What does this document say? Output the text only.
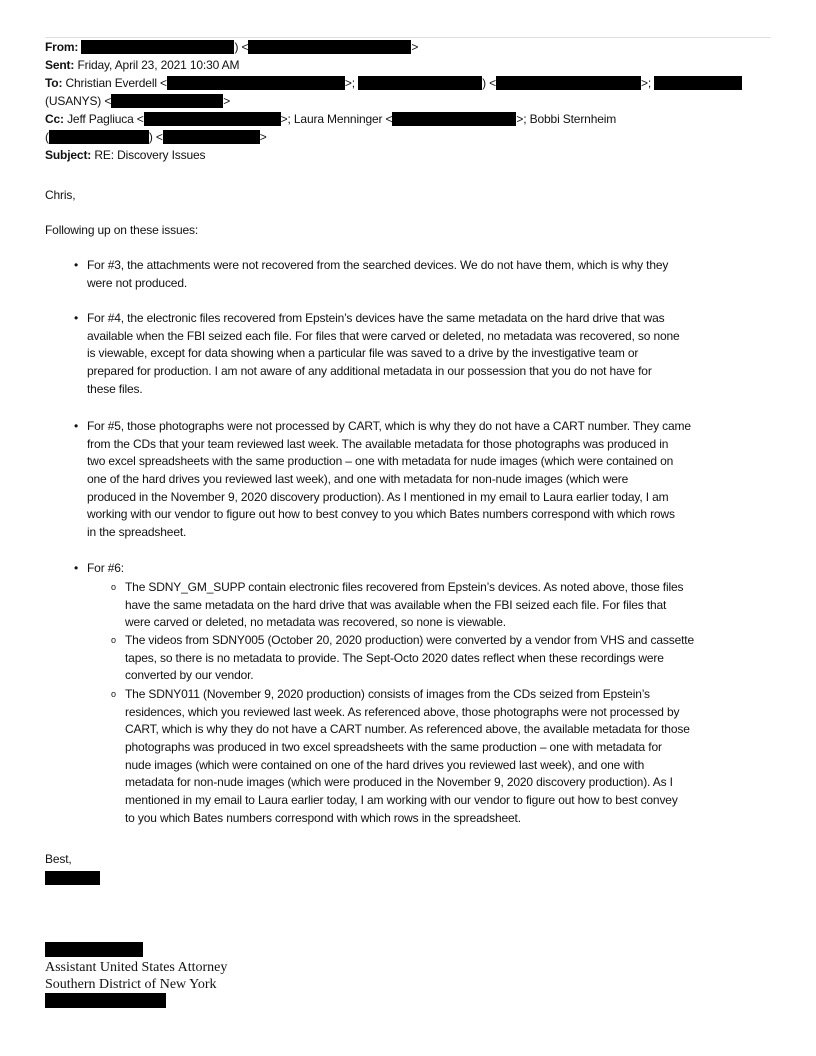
From:	) <	>
Sent: Friday, April 23, 2021 10:30 AM
To: Christian Everdell <	>;	) <	>;
(USANYS) <	>
Cc: Jeff Pagliuca <	>; Laura Menninger <	>; Bobbi Sternheim
(	) <	>
Subject: RE: Discovery Issues
Chris,
Following up on these issues:
• For #3, the attachments were not recovered from the searched devices. We do not have them, which is why they
were not produced.
• For #4, the electronic files recovered from Epstein’s devices have the same metadata on the hard drive that was
available when the FBI seized each file. For files that were carved or deleted, no metadata was recovered, so none
is viewable, except for data showing when a particular file was saved to a drive by the investigative team or
prepared for production. I am not aware of any additional metadata in our possession that you do not have for
these files.
• For #5, those photographs were not processed by CART, which is why they do not have a CART number. They came
from the CDs that your team reviewed last week. The available metadata for those photographs was produced in
two excel spreadsheets with the same production – one with metadata for nude images (which were contained on
one of the hard drives you reviewed last week), and one with metadata for non-nude images (which were
produced in the November 9, 2020 discovery production). As I mentioned in my email to Laura earlier today, I am
working with our vendor to figure out how to best convey to you which Bates numbers correspond with which rows
in the spreadsheet.
• For #6:
o The SDNY_GM_SUPP contain electronic files recovered from Epstein’s devices. As noted above, those files
have the same metadata on the hard drive that was available when the FBI seized each file. For files that
were carved or deleted, no metadata was recovered, so none is viewable.
o The videos from SDNY005 (October 20, 2020 production) were converted by a vendor from VHS and cassette
tapes, so there is no metadata to provide. The Sept-Octo 2020 dates reflect when these recordings were
converted by our vendor.
o The SDNY011 (November 9, 2020 production) consists of images from the CDs seized from Epstein’s
residences, which you reviewed last week. As referenced above, those photographs were not processed by
CART, which is why they do not have a CART number. As referenced above, the available metadata for those
photographs was produced in two excel spreadsheets with the same production – one with metadata for
nude images (which were contained on one of the hard drives you reviewed last week), and one with
metadata for non-nude images (which were produced in the November 9, 2020 discovery production). As I
mentioned in my email to Laura earlier today, I am working with our vendor to figure out how to best convey
to you which Bates numbers correspond with which rows in the spreadsheet.
Best,
Assistant United States Attorney
Southern District of New York
